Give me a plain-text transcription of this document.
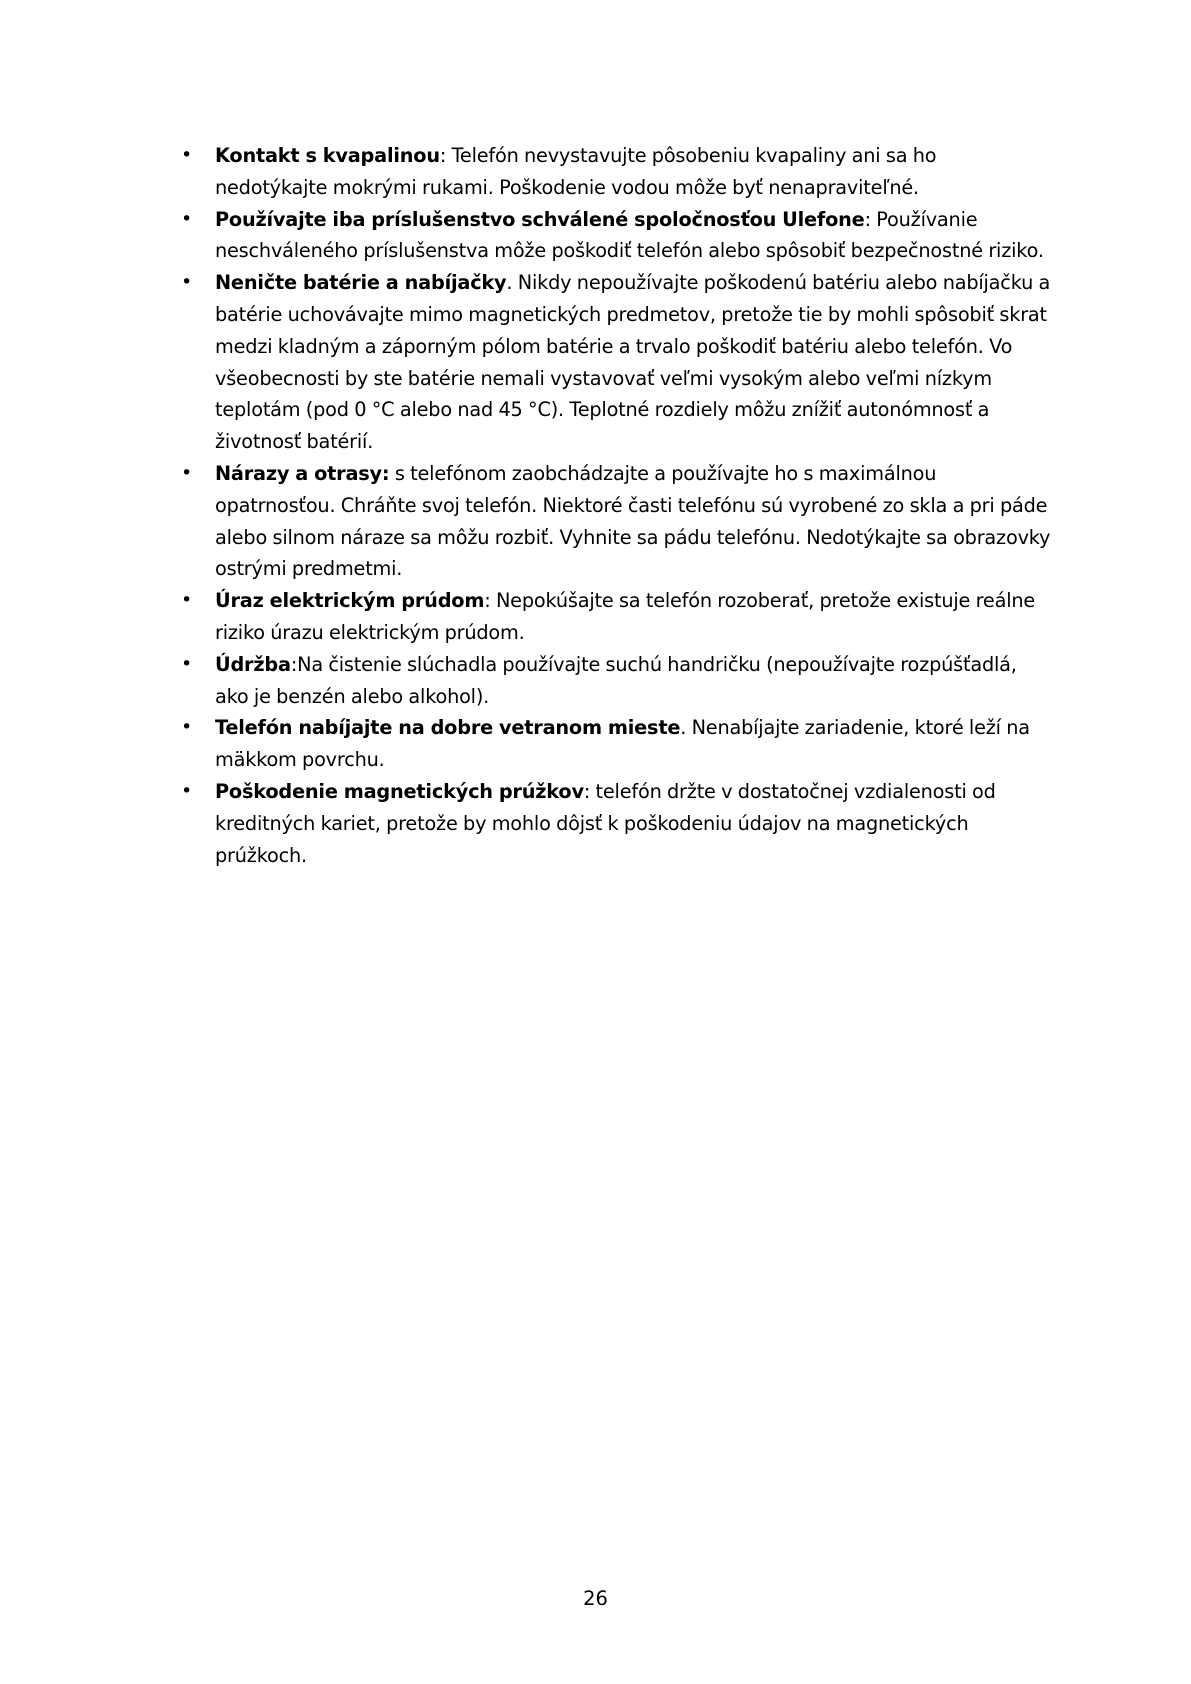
• Kontakt s kvapalinou: Telefón nevystavujte pôsobeniu kvapaliny ani sa ho nedotýkajte mokrými rukami. Poškodenie vodou môže byť nenapraviteľné.
• Používajte iba príslušenstvo schválené spoločnosťou Ulefone: Používanie neschváleného príslušenstva môže poškodiť telefón alebo spôsobiť bezpečnostné riziko.
• Neničte batérie a nabíjačky. Nikdy nepoužívajte poškodenú batériu alebo nabíjačku a batérie uchovávajte mimo magnetických predmetov, pretože tie by mohli spôsobiť skrat medzi kladným a záporným pólom batérie a trvalo poškodiť batériu alebo telefón. Vo všeobecnosti by ste batérie nemali vystavovať veľmi vysokým alebo veľmi nízkym teplotám (pod 0 °C alebo nad 45 °C). Teplotné rozdiely môžu znížiť autonómnosť a životnosť batérií.
• Nárazy a otrasy: s telefónom zaobchádzajte a používajte ho s maximálnou opatrnosťou. Chráňte svoj telefón. Niektoré časti telefónu sú vyrobené zo skla a pri páde alebo silnom náraze sa môžu rozbiť. Vyhnite sa pádu telefónu. Nedotýkajte sa obrazovky ostrými predmetmi.
• Úraz elektrickým prúdom: Nepokúšajte sa telefón rozoberať, pretože existuje reálne riziko úrazu elektrickým prúdom.
• Údržba:Na čistenie slúchadla používajte suchú handričku (nepoužívajte rozpúšťadlá, ako je benzén alebo alkohol).
• Telefón nabíjajte na dobre vetranom mieste. Nenabíjajte zariadenie, ktoré leží na mäkkom povrchu.
• Poškodenie magnetických prúžkov: telefón držte v dostatočnej vzdialenosti od kreditných kariet, pretože by mohlo dôjsť k poškodeniu údajov na magnetických prúžkoch.
26
